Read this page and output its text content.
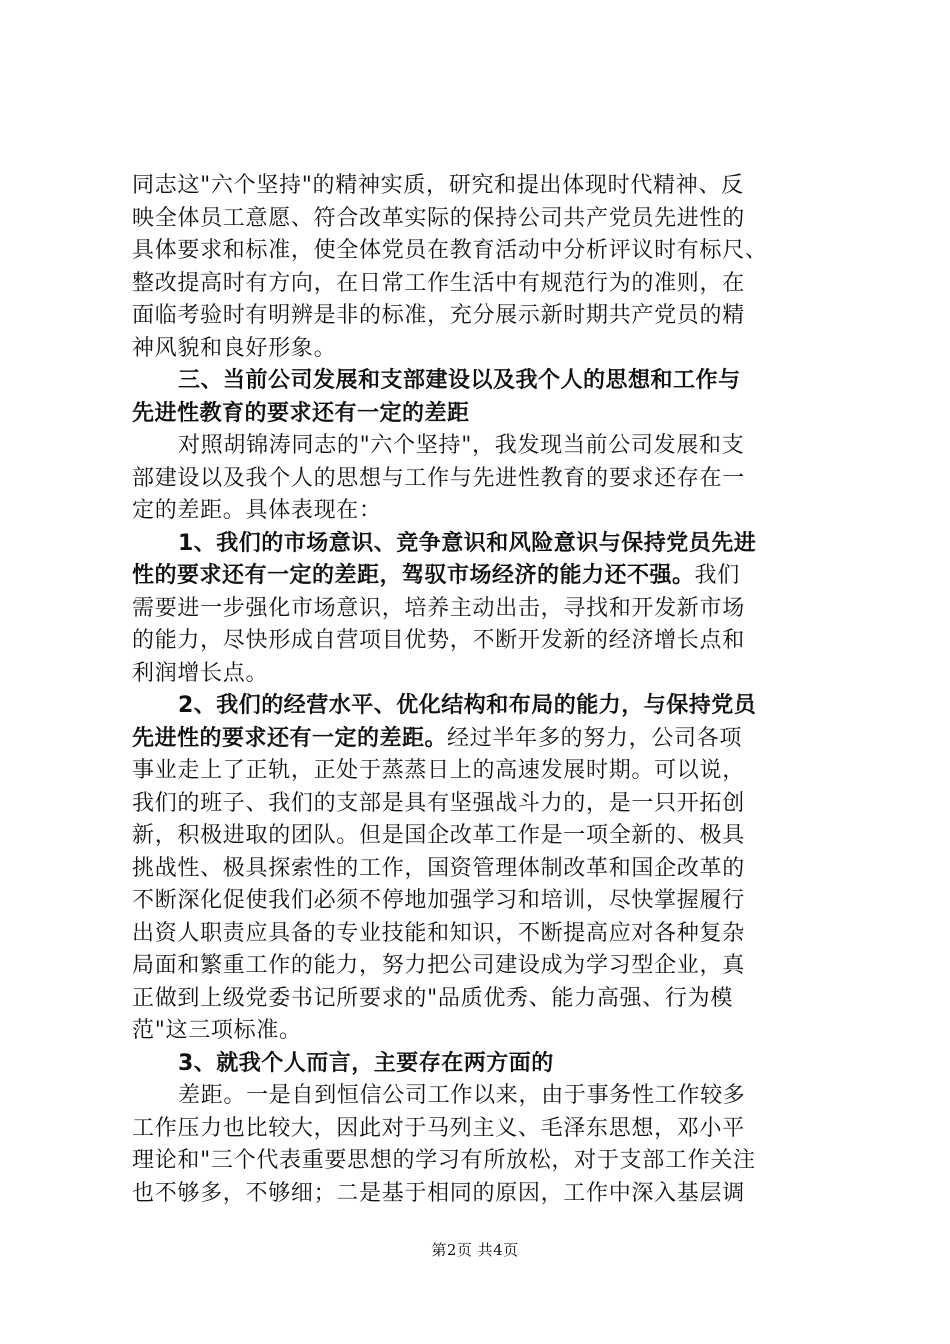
同志这"六个坚持"的精神实质，研究和提出体现时代精神、反
映全体员工意愿、符合改革实际的保持公司共产党员先进性的
具体要求和标准，使全体党员在教育活动中分析评议时有标尺、
整改提高时有方向，在日常工作生活中有规范行为的准则，在
面临考验时有明辨是非的标准，充分展示新时期共产党员的精
神风貌和良好形象。
三、当前公司发展和支部建设以及我个人的思想和工作与
先进性教育的要求还有一定的差距
对照胡锦涛同志的"六个坚持"，我发现当前公司发展和支
部建设以及我个人的思想与工作与先进性教育的要求还存在一
定的差距。具体表现在：
1、我们的市场意识、竞争意识和风险意识与保持党员先进
性的要求还有一定的差距，驾驭市场经济的能力还不强。我们
需要进一步强化市场意识，培养主动出击，寻找和开发新市场
的能力，尽快形成自营项目优势，不断开发新的经济增长点和
利润增长点。
2、我们的经营水平、优化结构和布局的能力，与保持党员
先进性的要求还有一定的差距。经过半年多的努力，公司各项
事业走上了正轨，正处于蒸蒸日上的高速发展时期。可以说，
我们的班子、我们的支部是具有坚强战斗力的，是一只开拓创
新，积极进取的团队。但是国企改革工作是一项全新的、极具
挑战性、极具探索性的工作，国资管理体制改革和国企改革的
不断深化促使我们必须不停地加强学习和培训，尽快掌握履行
出资人职责应具备的专业技能和知识，不断提高应对各种复杂
局面和繁重工作的能力，努力把公司建设成为学习型企业，真
正做到上级党委书记所要求的"品质优秀、能力高强、行为模
范"这三项标准。
3、就我个人而言，主要存在两方面的
差距。一是自到恒信公司工作以来，由于事务性工作较多
工作压力也比较大，因此对于马列主义、毛泽东思想，邓小平
理论和"三个代表重要思想的学习有所放松，对于支部工作关注
也不够多，不够细；二是基于相同的原因，工作中深入基层调
第2页 共4页
